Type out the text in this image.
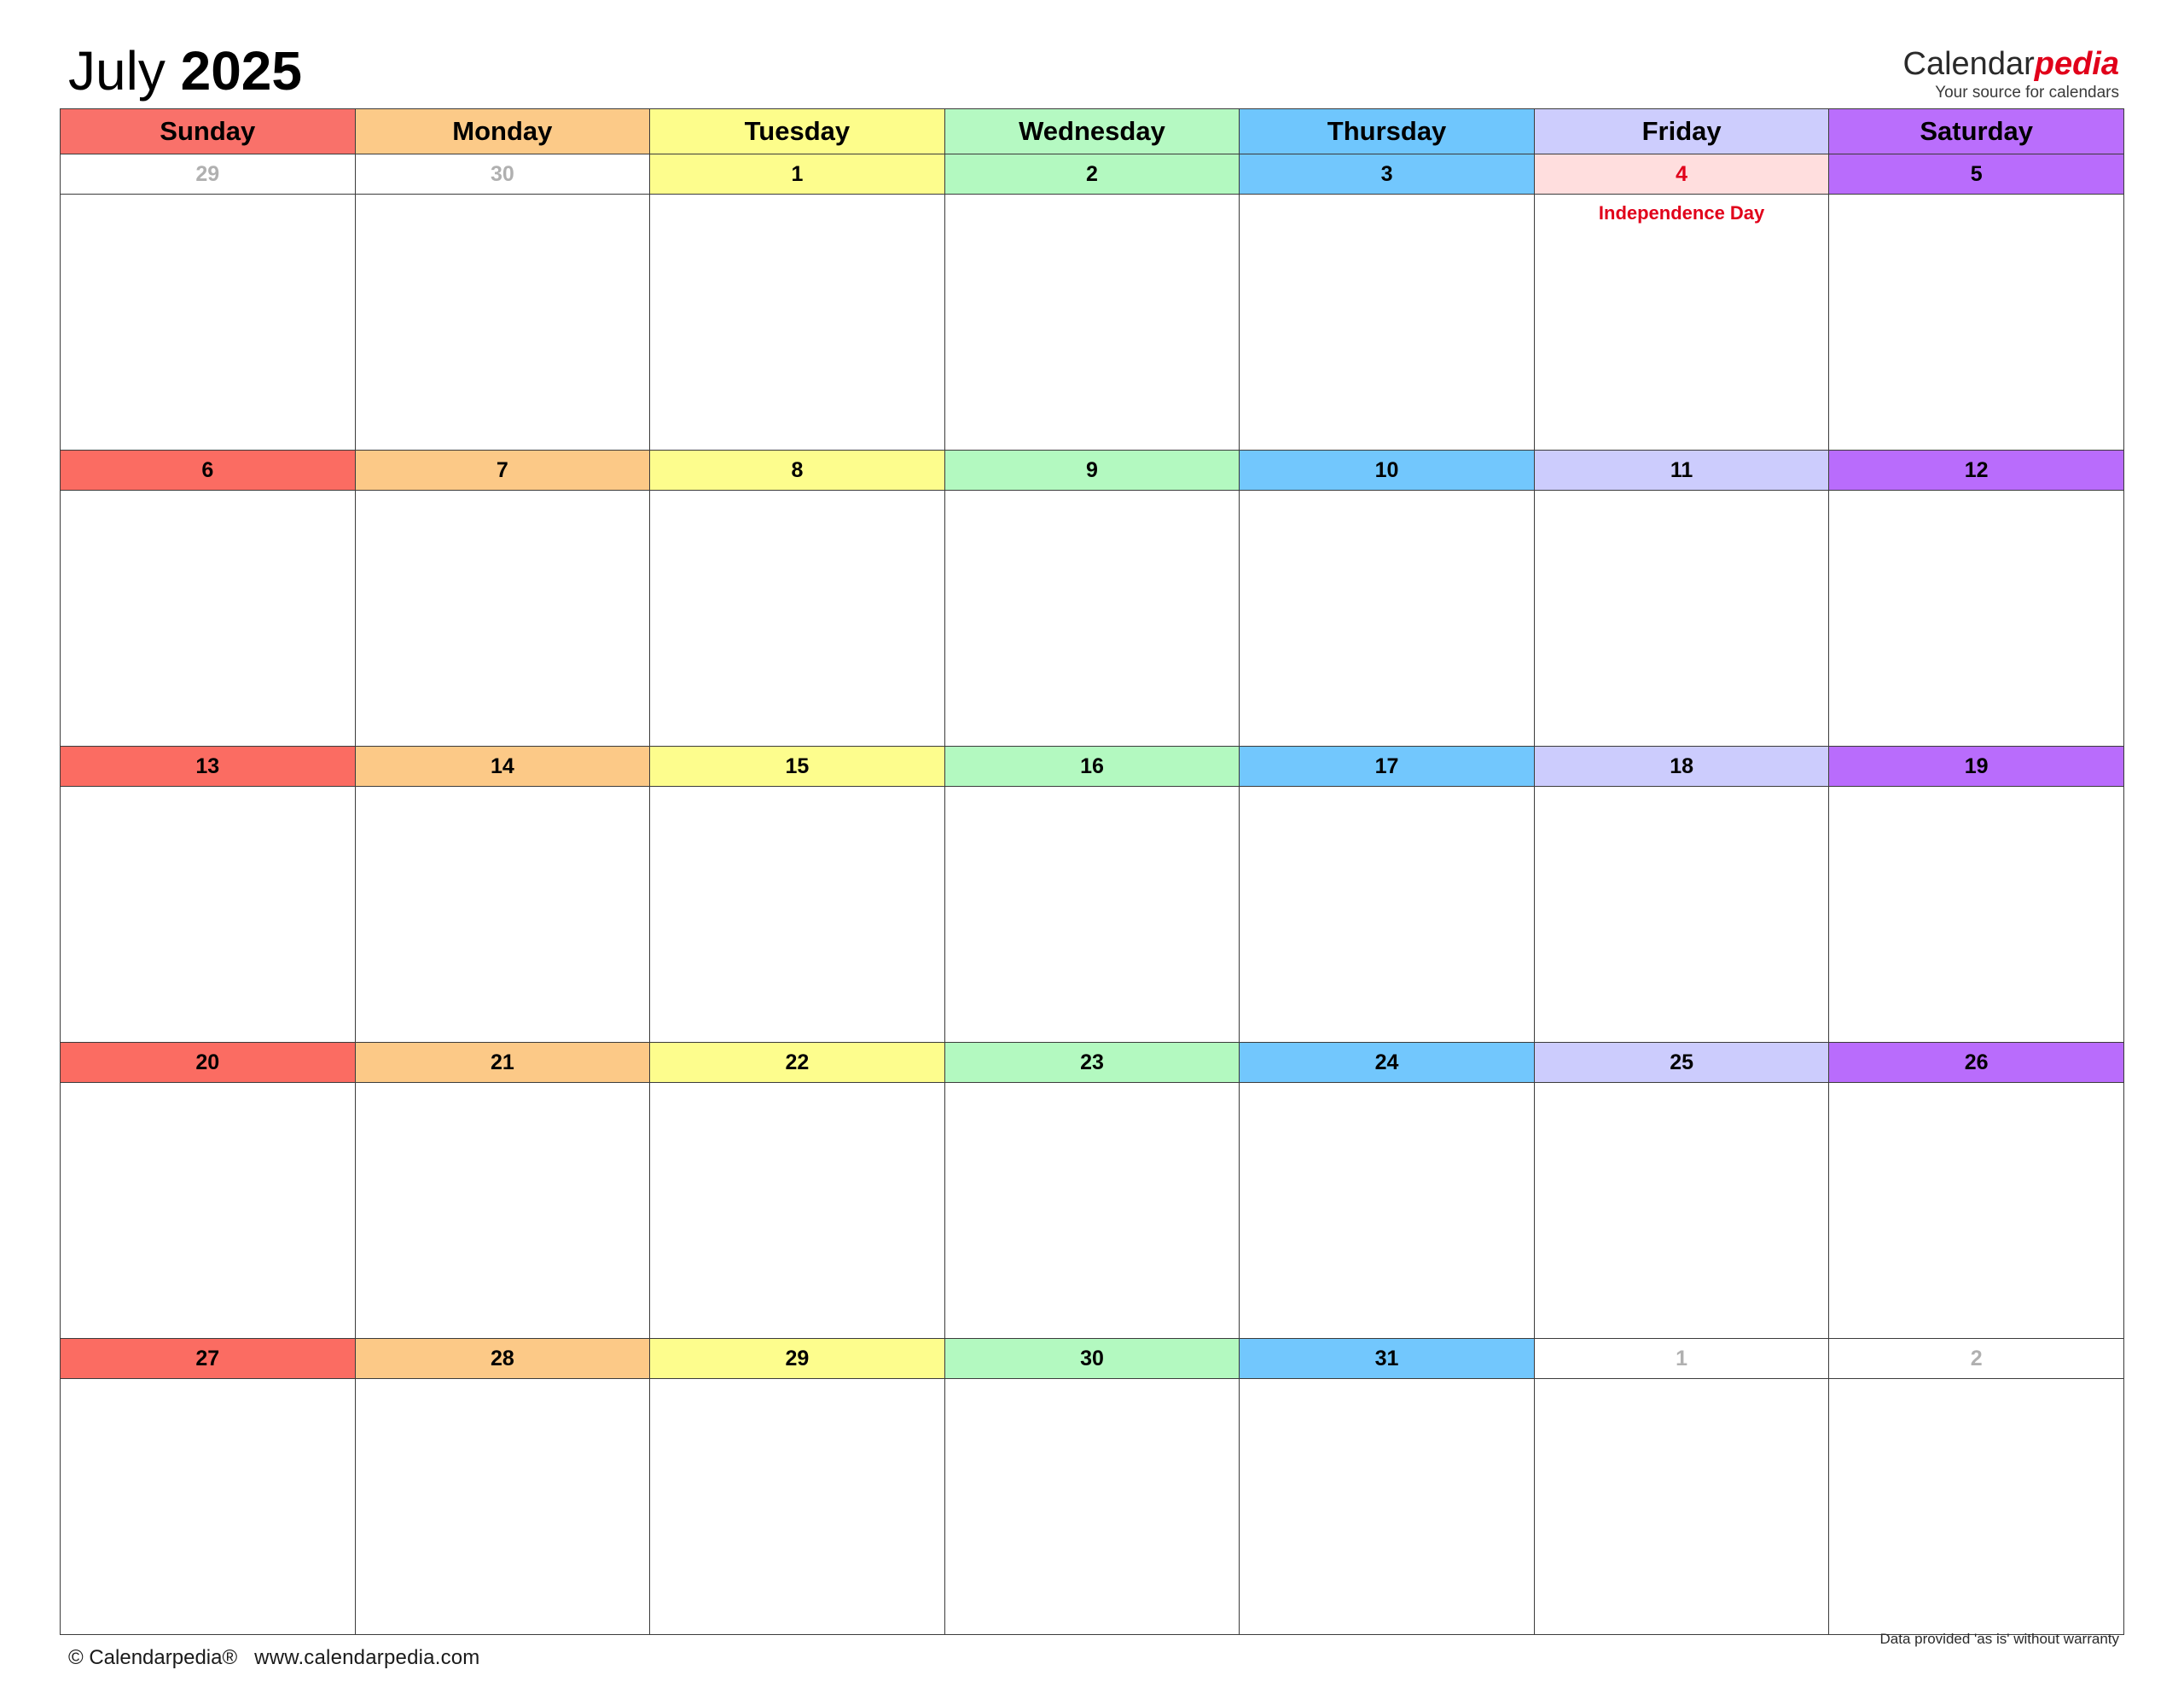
July 2025	Calendarpedia
Your source for calendars
Sunday	Monday	Tuesday	Wednesday	Thursday	Friday	Saturday
29	30	1	2	3	4	5

					Independence Day	

6	7	8	9	10	11	12

13	14	15	16	17	18	19

20	21	22	23	24	25	26

27	28	29	30	31	1	2

© Calendarpedia® www.calendarpedia.com
Data provided 'as is' without warranty
